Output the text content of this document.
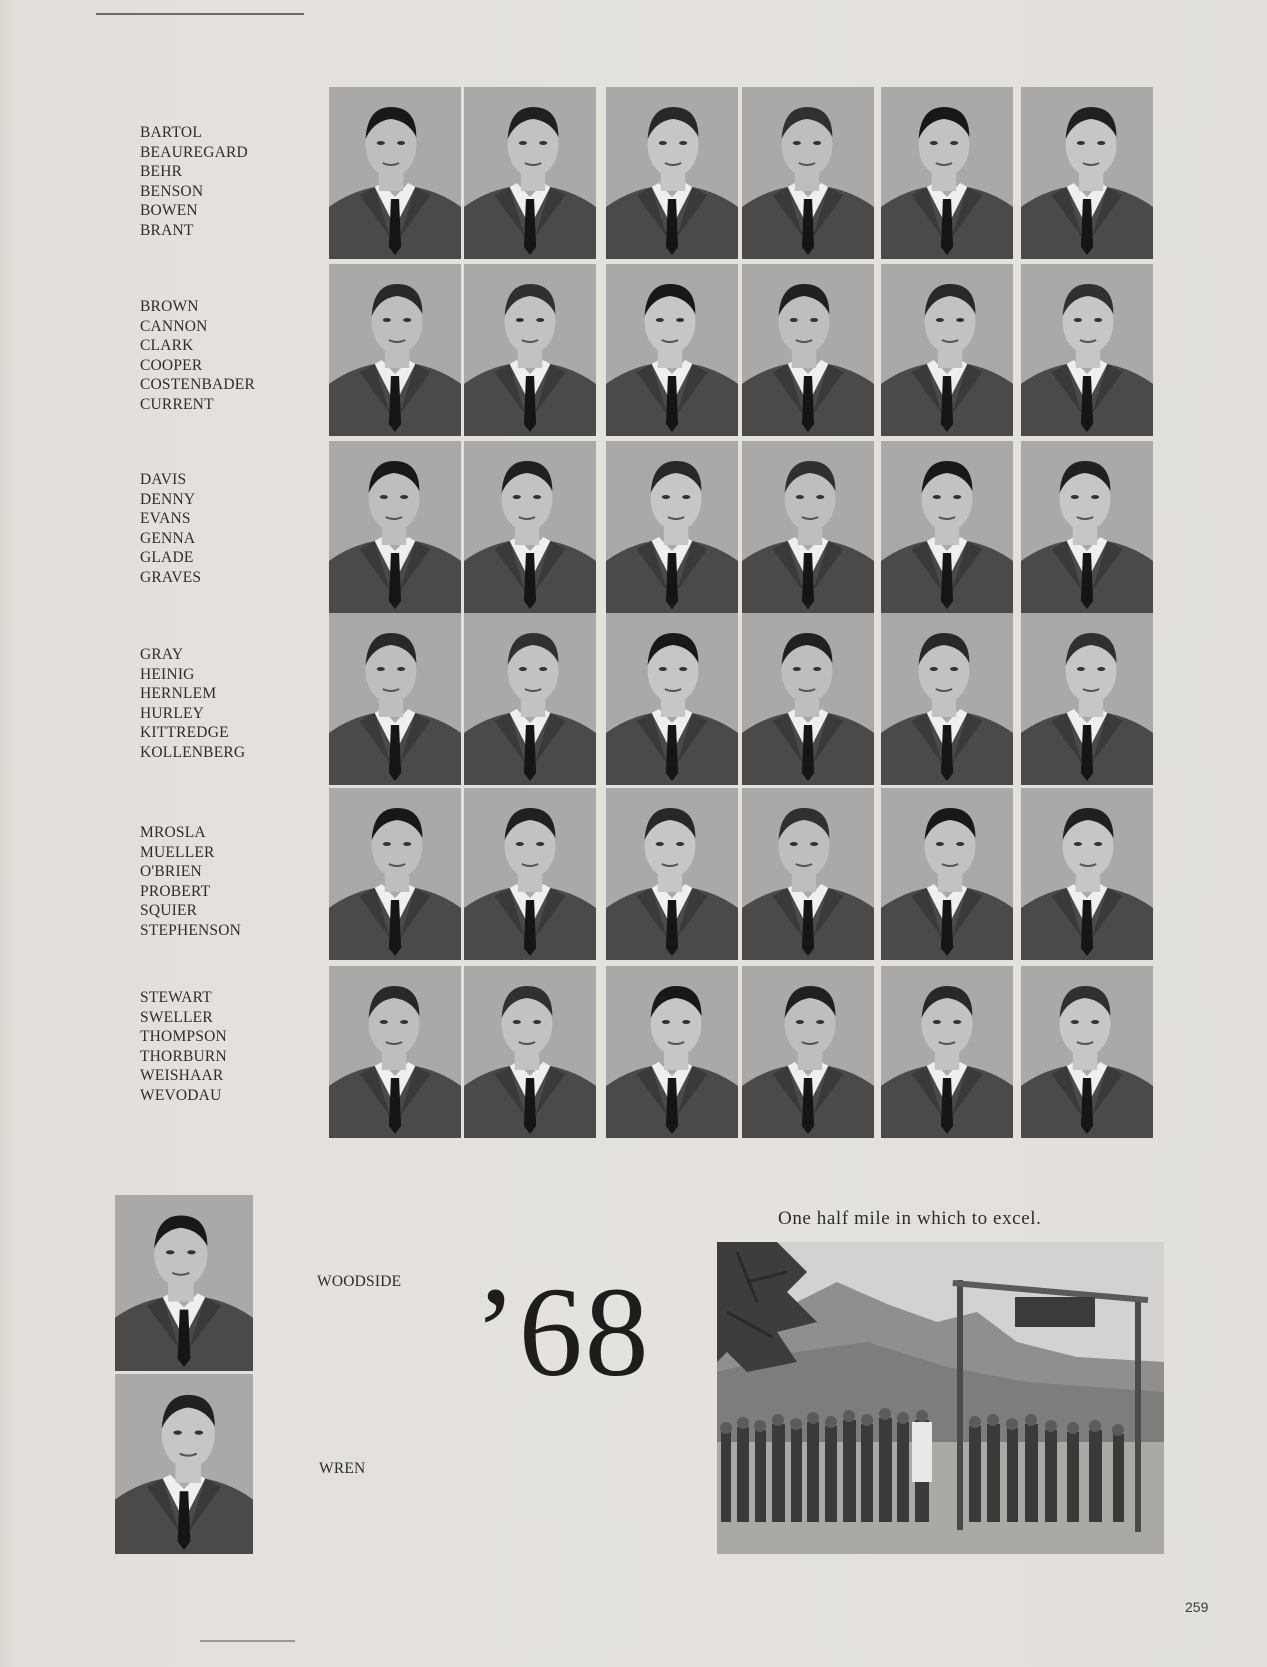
BARTOL
BEAUREGARD
BEHR
BENSON
BOWEN
BRANT
BROWN
CANNON
CLARK
COOPER
COSTENBADER
CURRENT
DAVIS
DENNY
EVANS
GENNA
GLADE
GRAVES
GRAY
HEINIG
HERNLEM
HURLEY
KITTREDGE
KOLLENBERG
MROSLA
MUELLER
O'BRIEN
PROBERT
SQUIER
STEPHENSON
STEWART
SWELLER
THOMPSON
THORBURN
WEISHAAR
WEVODAU
WOODSIDE
WREN
’68
One half mile in which to excel.
259
